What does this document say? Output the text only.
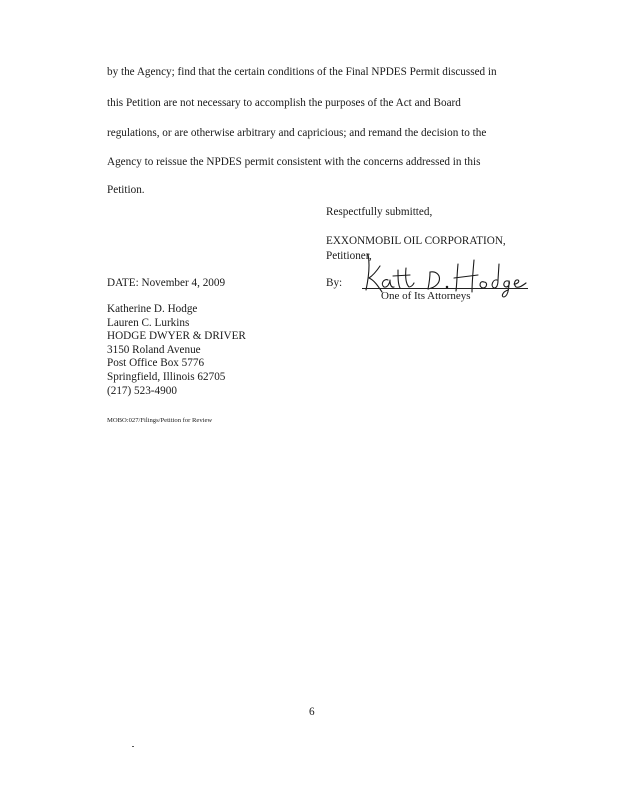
by the Agency; find that the certain conditions of the Final NPDES Permit discussed in
this Petition are not necessary to accomplish the purposes of the Act and Board
regulations, or are otherwise arbitrary and capricious; and remand the decision to the
Agency to reissue the NPDES permit consistent with the concerns addressed in this
Petition.
Respectfully submitted,
EXXONMOBIL OIL CORPORATION,
Petitioner,
DATE: November 4, 2009	By:
One of Its Attorneys
Katherine D. Hodge
Lauren C. Lurkins
HODGE DWYER & DRIVER
3150 Roland Avenue
Post Office Box 5776
Springfield, Illinois 62705
(217) 523-4900
MOBO:027/Filings/Petition for Review
6
